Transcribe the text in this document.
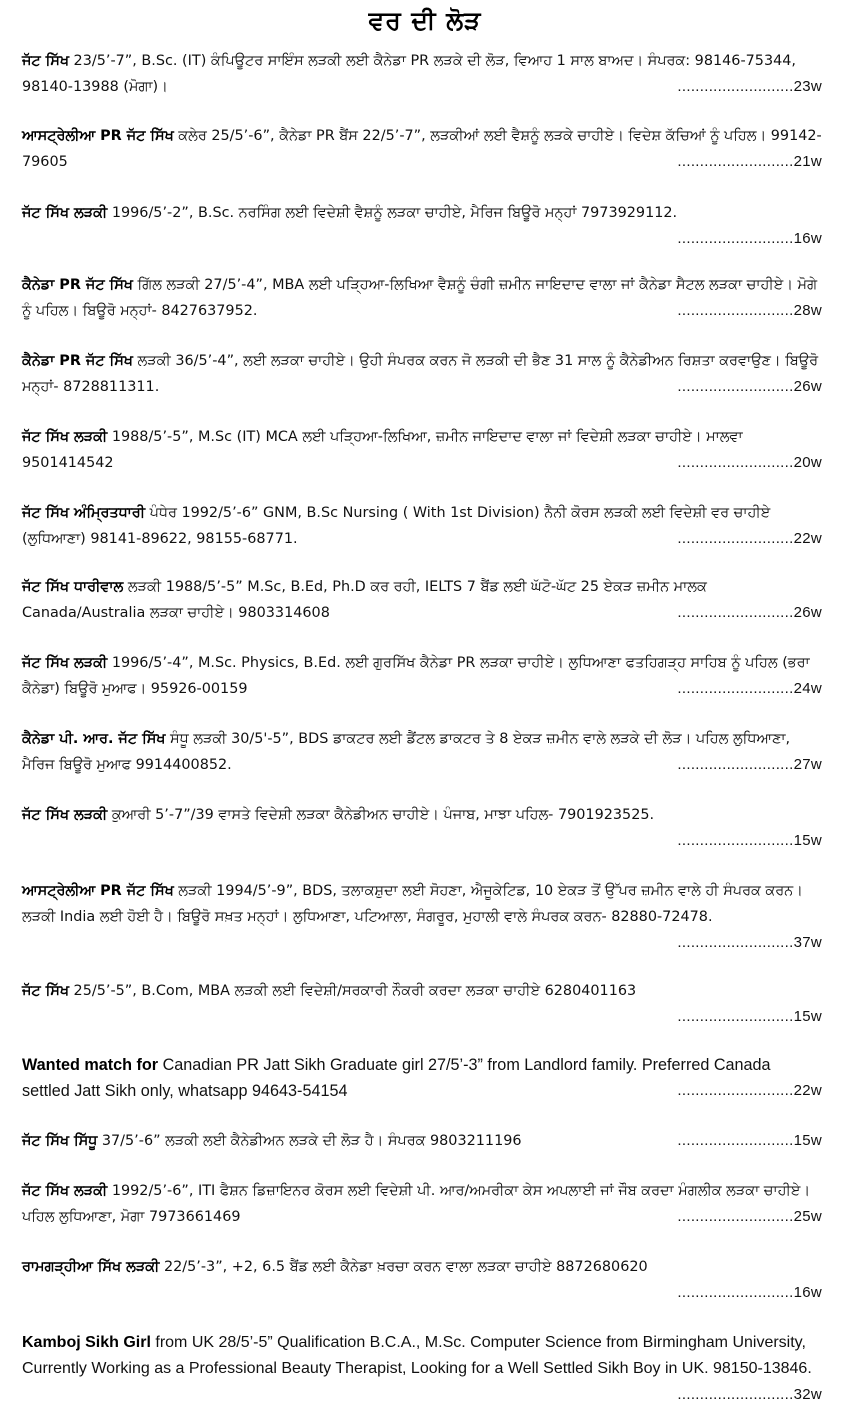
ਵਰ ਦੀ ਲੋੜ
ਜੱਟ ਸਿੱਖ 23/5’-7”, B.Sc. (IT) ਕੰਪਿਊਟਰ ਸਾਇੰਸ ਲੜਕੀ ਲਈ ਕੈਨੇਡਾ PR ਲੜਕੇ ਦੀ ਲੋੜ, ਵਿਆਹ 1 ਸਾਲ ਬਾਅਦ। ਸੰਪਰਕ: 98146-75344, 98140-13988 (ਮੋਗਾ)।	..........................23w
ਆਸਟ੍ਰੇਲੀਆ PR ਜੱਟ ਸਿੱਖ ਕਲੇਰ 25/5’-6”, ਕੈਨੇਡਾ PR ਬੈਂਸ 22/5’-7”, ਲੜਕੀਆਂ ਲਈ ਵੈਸ਼ਨੂੰ ਲੜਕੇ ਚਾਹੀਏ। ਵਿਦੇਸ਼ ਕੱਚਿਆਂ ਨੂੰ ਪਹਿਲ। 99142-79605	..........................21w
ਜੱਟ ਸਿੱਖ ਲੜਕੀ 1996/5’-2”, B.Sc. ਨਰਸਿੰਗ ਲਈ ਵਿਦੇਸ਼ੀ ਵੈਸ਼ਨੂੰ ਲੜਕਾ ਚਾਹੀਏ, ਮੈਰਿਜ ਬਿਊਰੋ ਮਨ੍ਹਾਂ 7973929112.
..........................16w
ਕੈਨੇਡਾ PR ਜੱਟ ਸਿੱਖ ਗਿੱਲ ਲੜਕੀ 27/5’-4”, MBA ਲਈ ਪੜ੍ਹਿਆ-ਲਿਖਿਆ ਵੈਸ਼ਨੂੰ ਚੰਗੀ ਜ਼ਮੀਨ ਜਾਇਦਾਦ ਵਾਲਾ ਜਾਂ ਕੈਨੇਡਾ ਸੈਟਲ ਲੜਕਾ ਚਾਹੀਏ। ਮੋਗੇ ਨੂੰ ਪਹਿਲ। ਬਿਊਰੋ ਮਨ੍ਹਾਂ- 8427637952.	..........................28w
ਕੈਨੇਡਾ PR ਜੱਟ ਸਿੱਖ ਲੜਕੀ 36/5’-4”, ਲਈ ਲੜਕਾ ਚਾਹੀਏ। ਉਹੀ ਸੰਪਰਕ ਕਰਨ ਜੋ ਲੜਕੀ ਦੀ ਭੈਣ 31 ਸਾਲ ਨੂੰ ਕੈਨੇਡੀਅਨ ਰਿਸ਼ਤਾ ਕਰਵਾਉਣ। ਬਿਊਰੋ ਮਨ੍ਹਾਂ- 8728811311.	..........................26w
ਜੱਟ ਸਿੱਖ ਲੜਕੀ 1988/5’-5”, M.Sc (IT) MCA ਲਈ ਪੜ੍ਹਿਆ-ਲਿਖਿਆ, ਜ਼ਮੀਨ ਜਾਇਦਾਦ ਵਾਲਾ ਜਾਂ ਵਿਦੇਸ਼ੀ ਲੜਕਾ ਚਾਹੀਏ। ਮਾਲਵਾ 9501414542	..........................20w
ਜੱਟ ਸਿੱਖ ਅੰਮ੍ਰਿਤਧਾਰੀ ਪੰਧੇਰ 1992/5’-6” GNM, B.Sc Nursing ( With 1st Division) ਨੈਨੀ ਕੋਰਸ ਲੜਕੀ ਲਈ ਵਿਦੇਸ਼ੀ ਵਰ ਚਾਹੀਏ (ਲੁਧਿਆਣਾ) 98141-89622, 98155-68771.	..........................22w
ਜੱਟ ਸਿੱਖ ਧਾਰੀਵਾਲ ਲੜਕੀ 1988/5’-5” M.Sc, B.Ed, Ph.D ਕਰ ਰਹੀ, IELTS 7 ਬੈਂਡ ਲਈ ਘੱਟੋ-ਘੱਟ 25 ਏਕੜ ਜ਼ਮੀਨ ਮਾਲਕ Canada/Australia ਲੜਕਾ ਚਾਹੀਏ। 9803314608	..........................26w
ਜੱਟ ਸਿੱਖ ਲੜਕੀ 1996/5’-4”, M.Sc. Physics, B.Ed. ਲਈ ਗੁਰਸਿੱਖ ਕੈਨੇਡਾ PR ਲੜਕਾ ਚਾਹੀਏ। ਲੁਧਿਆਣਾ ਫਤਹਿਗੜ੍ਹ ਸਾਹਿਬ ਨੂੰ ਪਹਿਲ (ਭਰਾ ਕੈਨੇਡਾ) ਬਿਊਰੋ ਮੁਆਫ। 95926-00159	..........................24w
ਕੈਨੇਡਾ ਪੀ. ਆਰ. ਜੱਟ ਸਿੱਖ ਸੰਧੂ ਲੜਕੀ 30/5'-5”, BDS ਡਾਕਟਰ ਲਈ ਡੈਂਟਲ ਡਾਕਟਰ ਤੇ 8 ਏਕੜ ਜ਼ਮੀਨ ਵਾਲੇ ਲੜਕੇ ਦੀ ਲੋੜ। ਪਹਿਲ ਲੁਧਿਆਣਾ, ਮੈਰਿਜ ਬਿਊਰੋ ਮੁਆਫ 9914400852.	..........................27w
ਜੱਟ ਸਿੱਖ ਲੜਕੀ ਕੁਆਰੀ 5’-7”/39 ਵਾਸਤੇ ਵਿਦੇਸ਼ੀ ਲੜਕਾ ਕੈਨੇਡੀਅਨ ਚਾਹੀਏ। ਪੰਜਾਬ, ਮਾਝਾ ਪਹਿਲ- 7901923525.
..........................15w
ਆਸਟ੍ਰੇਲੀਆ PR ਜੱਟ ਸਿੱਖ ਲੜਕੀ 1994/5’-9”, BDS, ਤਲਾਕਸ਼ੁਦਾ ਲਈ ਸੋਹਣਾ, ਐਜੂਕੇਟਿਡ, 10 ਏਕੜ ਤੋਂ ਉੱਪਰ ਜ਼ਮੀਨ ਵਾਲੇ ਹੀ ਸੰਪਰਕ ਕਰਨ। ਲੜਕੀ India ਲਈ ਹੋਈ ਹੈ। ਬਿਊਰੋ ਸਖ਼ਤ ਮਨ੍ਹਾਂ। ਲੁਧਿਆਣਾ, ਪਟਿਆਲਾ, ਸੰਗਰੂਰ, ਮੁਹਾਲੀ ਵਾਲੇ ਸੰਪਰਕ ਕਰਨ- 82880-72478.
..........................37w
ਜੱਟ ਸਿੱਖ 25/5’-5”, B.Com, MBA ਲੜਕੀ ਲਈ ਵਿਦੇਸ਼ੀ/ਸਰਕਾਰੀ ਨੌਕਰੀ ਕਰਦਾ ਲੜਕਾ ਚਾਹੀਏ 6280401163
..........................15w
Wanted match for Canadian PR Jatt Sikh Graduate girl 27/5’-3” from Landlord family. Preferred Canada settled Jatt Sikh only, whatsapp 94643-54154	..........................22w
ਜੱਟ ਸਿੱਖ ਸਿੱਧੂ 37/5’-6” ਲੜਕੀ ਲਈ ਕੈਨੇਡੀਅਨ ਲੜਕੇ ਦੀ ਲੋੜ ਹੈ। ਸੰਪਰਕ 9803211196	..........................15w
ਜੱਟ ਸਿੱਖ ਲੜਕੀ 1992/5’-6”, ITI ਫੈਸ਼ਨ ਡਿਜ਼ਾਇਨਰ ਕੋਰਸ ਲਈ ਵਿਦੇਸ਼ੀ ਪੀ. ਆਰ/ਅਮਰੀਕਾ ਕੇਸ ਅਪਲਾਈ ਜਾਂ ਜੌਬ ਕਰਦਾ ਮੰਗਲੀਕ ਲੜਕਾ ਚਾਹੀਏ। ਪਹਿਲ ਲੁਧਿਆਣਾ, ਮੋਗਾ 7973661469	..........................25w
ਰਾਮਗੜ੍ਹੀਆ ਸਿੱਖ ਲੜਕੀ 22/5’-3”, +2, 6.5 ਬੈਂਡ ਲਈ ਕੈਨੇਡਾ ਖ਼ਰਚਾ ਕਰਨ ਵਾਲਾ ਲੜਕਾ ਚਾਹੀਏ 8872680620
..........................16w
Kamboj Sikh Girl from UK 28/5’-5” Qualification B.C.A., M.Sc. Computer Science from Birmingham University, Currently Working as a Professional Beauty Therapist, Looking for a Well Settled Sikh Boy in UK. 98150-13846.
..........................32w
